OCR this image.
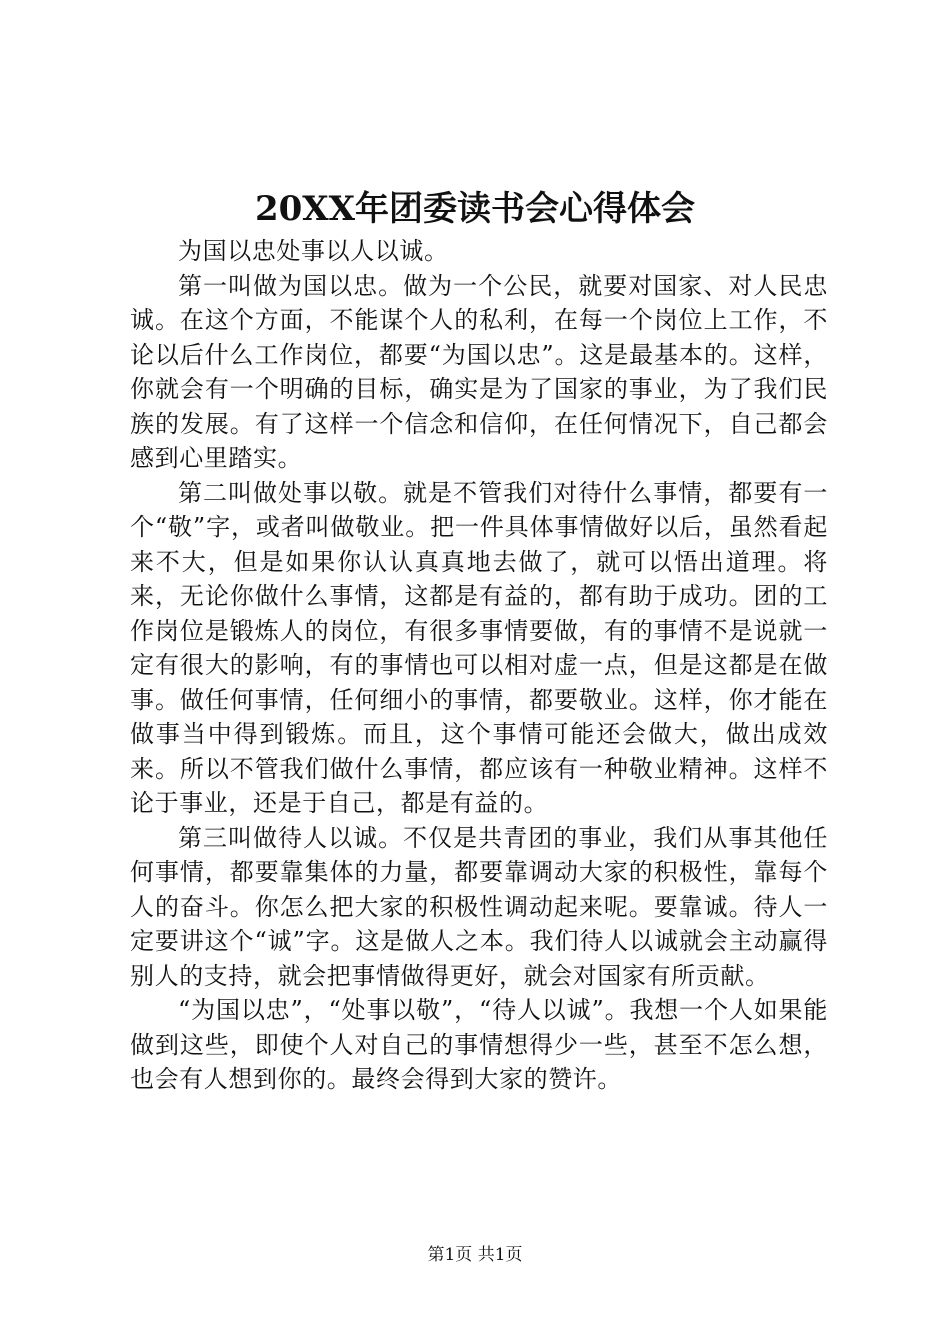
20XX年团委读书会心得体会

为国以忠处事以人以诚。

第一叫做为国以忠。做为一个公民，就要对国家、对人民忠诚。在这个方面，不能谋个人的私利，在每一个岗位上工作，不论以后什么工作岗位，都要“为国以忠”。这是最基本的。这样，你就会有一个明确的目标，确实是为了国家的事业，为了我们民族的发展。有了这样一个信念和信仰，在任何情况下，自己都会感到心里踏实。

第二叫做处事以敬。就是不管我们对待什么事情，都要有一个“敬”字，或者叫做敬业。把一件具体事情做好以后，虽然看起来不大，但是如果你认认真真地去做了，就可以悟出道理。将来，无论你做什么事情，这都是有益的，都有助于成功。团的工作岗位是锻炼人的岗位，有很多事情要做，有的事情不是说就一定有很大的影响，有的事情也可以相对虚一点，但是这都是在做事。做任何事情，任何细小的事情，都要敬业。这样，你才能在做事当中得到锻炼。而且，这个事情可能还会做大，做出成效来。所以不管我们做什么事情，都应该有一种敬业精神。这样不论于事业，还是于自己，都是有益的。

第三叫做待人以诚。不仅是共青团的事业，我们从事其他任何事情，都要靠集体的力量，都要靠调动大家的积极性，靠每个人的奋斗。你怎么把大家的积极性调动起来呢。要靠诚。待人一定要讲这个“诚”字。这是做人之本。我们待人以诚就会主动赢得别人的支持，就会把事情做得更好，就会对国家有所贡献。

“为国以忠”，“处事以敬”，“待人以诚”。我想一个人如果能做到这些，即使个人对自己的事情想得少一些，甚至不怎么想，也会有人想到你的。最终会得到大家的赞许。

第1页 共1页
